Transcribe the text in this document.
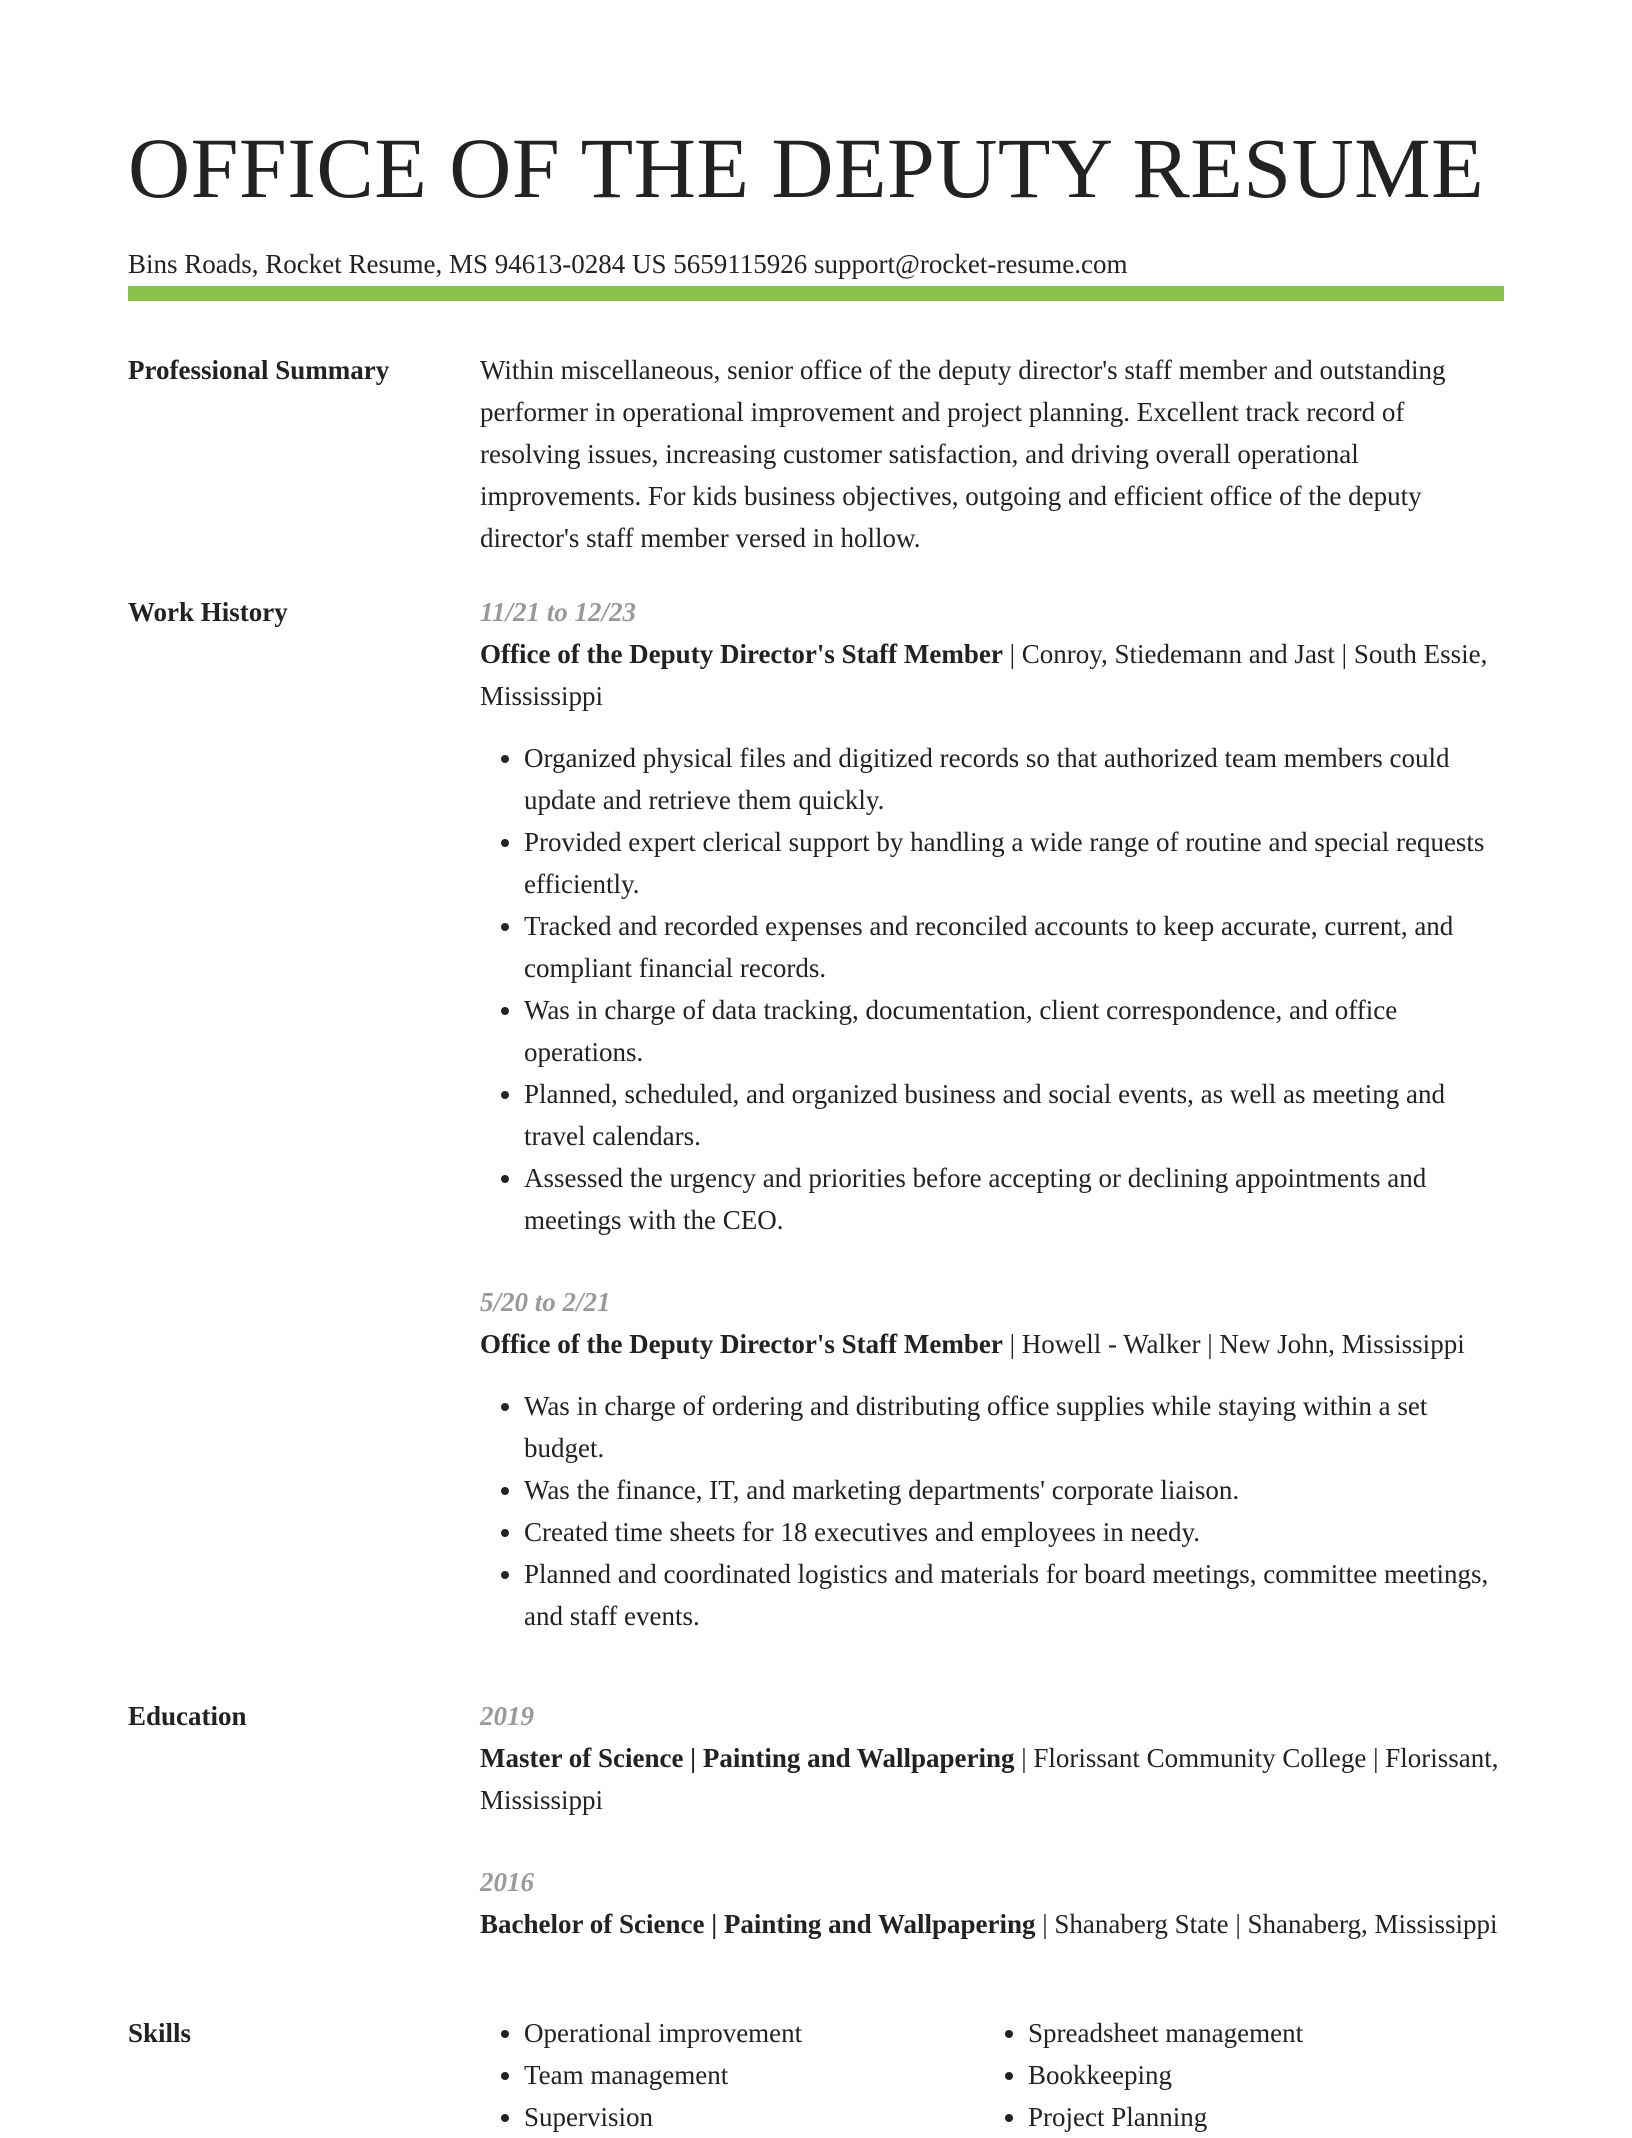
OFFICE OF THE DEPUTY RESUME
Bins Roads, Rocket Resume, MS 94613-0284 US 5659115926 support@rocket-resume.com
Professional Summary	Within miscellaneous, senior office of the deputy director's staff member and outstanding performer in operational improvement and project planning. Excellent track record of resolving issues, increasing customer satisfaction, and driving overall operational improvements. For kids business objectives, outgoing and efficient office of the deputy director's staff member versed in hollow.

Work History	11/21 to 12/23

Office of the Deputy Director's Staff Member | Conroy, Stiedemann and Jast | South Essie, Mississippi

• Organized physical files and digitized records so that authorized team members could update and retrieve them quickly.
• Provided expert clerical support by handling a wide range of routine and special requests efficiently.
• Tracked and recorded expenses and reconciled accounts to keep accurate, current, and compliant financial records.
• Was in charge of data tracking, documentation, client correspondence, and office operations.
• Planned, scheduled, and organized business and social events, as well as meeting and travel calendars.
• Assessed the urgency and priorities before accepting or declining appointments and meetings with the CEO.
5/20 to 2/21

Office of the Deputy Director's Staff Member | Howell - Walker | New John, Mississippi

• Was in charge of ordering and distributing office supplies while staying within a set budget.
• Was the finance, IT, and marketing departments' corporate liaison.
• Created time sheets for 18 executives and employees in needy.
• Planned and coordinated logistics and materials for board meetings, committee meetings, and staff events.
Education	2019

Master of Science | Painting and Wallpapering | Florissant Community College | Florissant, Mississippi

2016

Bachelor of Science | Painting and Wallpapering | Shanaberg State | Shanaberg, Mississippi

Skills
•	Operational improvement
• Team management
• Supervision
• Spreadsheet management
• Bookkeeping
• Project Planning
